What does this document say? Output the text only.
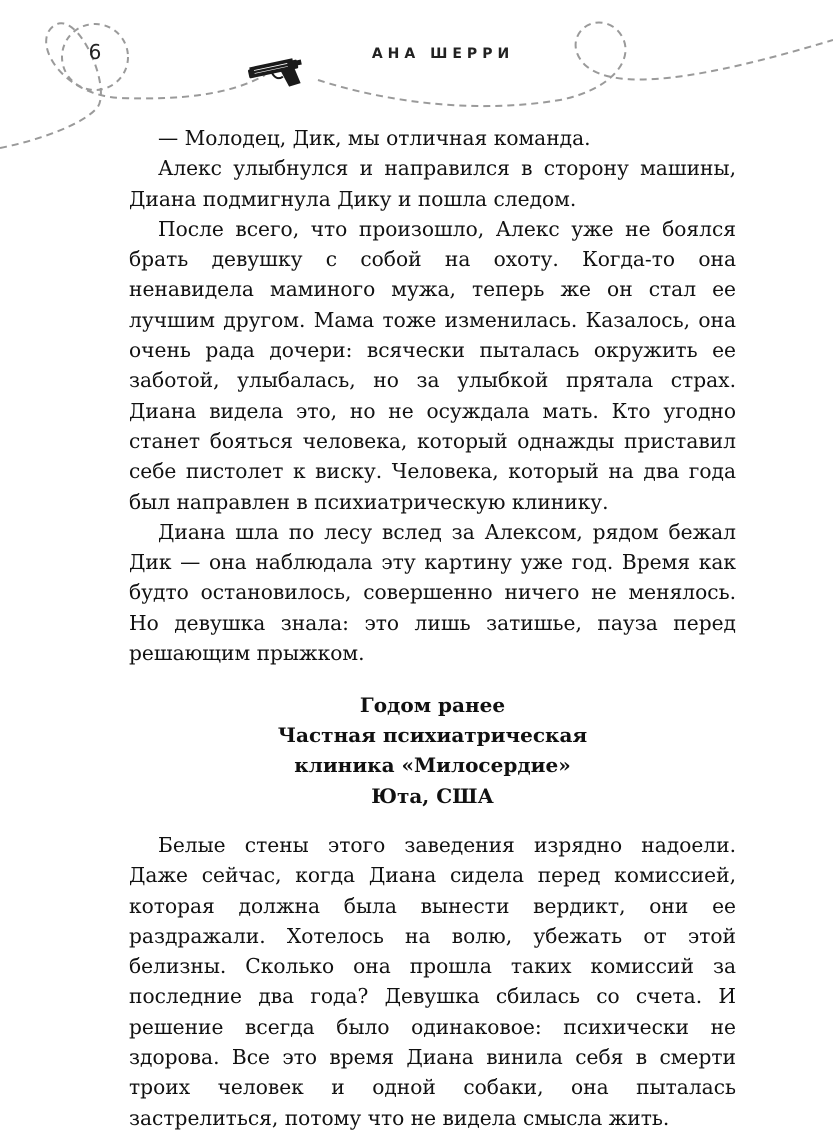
6	АНА ШЕРРИ

— Молодец, Дик, мы отличная команда.

Алекс улыбнулся и направился в сторону машины, Диана подмигнула Дику и пошла следом.

После всего, что произошло, Алекс уже не боялся брать девушку с собой на охоту. Когда-то она ненавидела маминого мужа, теперь же он стал ее лучшим другом. Мама тоже изменилась. Казалось, она очень рада дочери: всячески пыталась окружить ее заботой, улыбалась, но за улыбкой прятала страх. Диана видела это, но не осуждала мать. Кто угодно станет бояться человека, который однажды приставил себе пистолет к виску. Человека, который на два года был направлен в психиатрическую клинику.

Диана шла по лесу вслед за Алексом, рядом бежал Дик — она наблюдала эту картину уже год. Время как будто остановилось, совершенно ничего не менялось. Но девушка знала: это лишь затишье, пауза перед решающим прыжком.

Годом ранее
Частная психиатрическая
клиника «Милосердие»
Юта, США

Белые стены этого заведения изрядно надоели. Даже сейчас, когда Диана сидела перед комиссией, которая должна была вынести вердикт, они ее раздражали. Хотелось на волю, убежать от этой белизны. Сколько она прошла таких комиссий за последние два года? Девушка сбилась со счета. И решение всегда было одинаковое: психически не здорова. Все это время Диана винила себя в смерти троих человек и одной собаки, она пыталась застрелиться, потому что не видела смысла жить.
